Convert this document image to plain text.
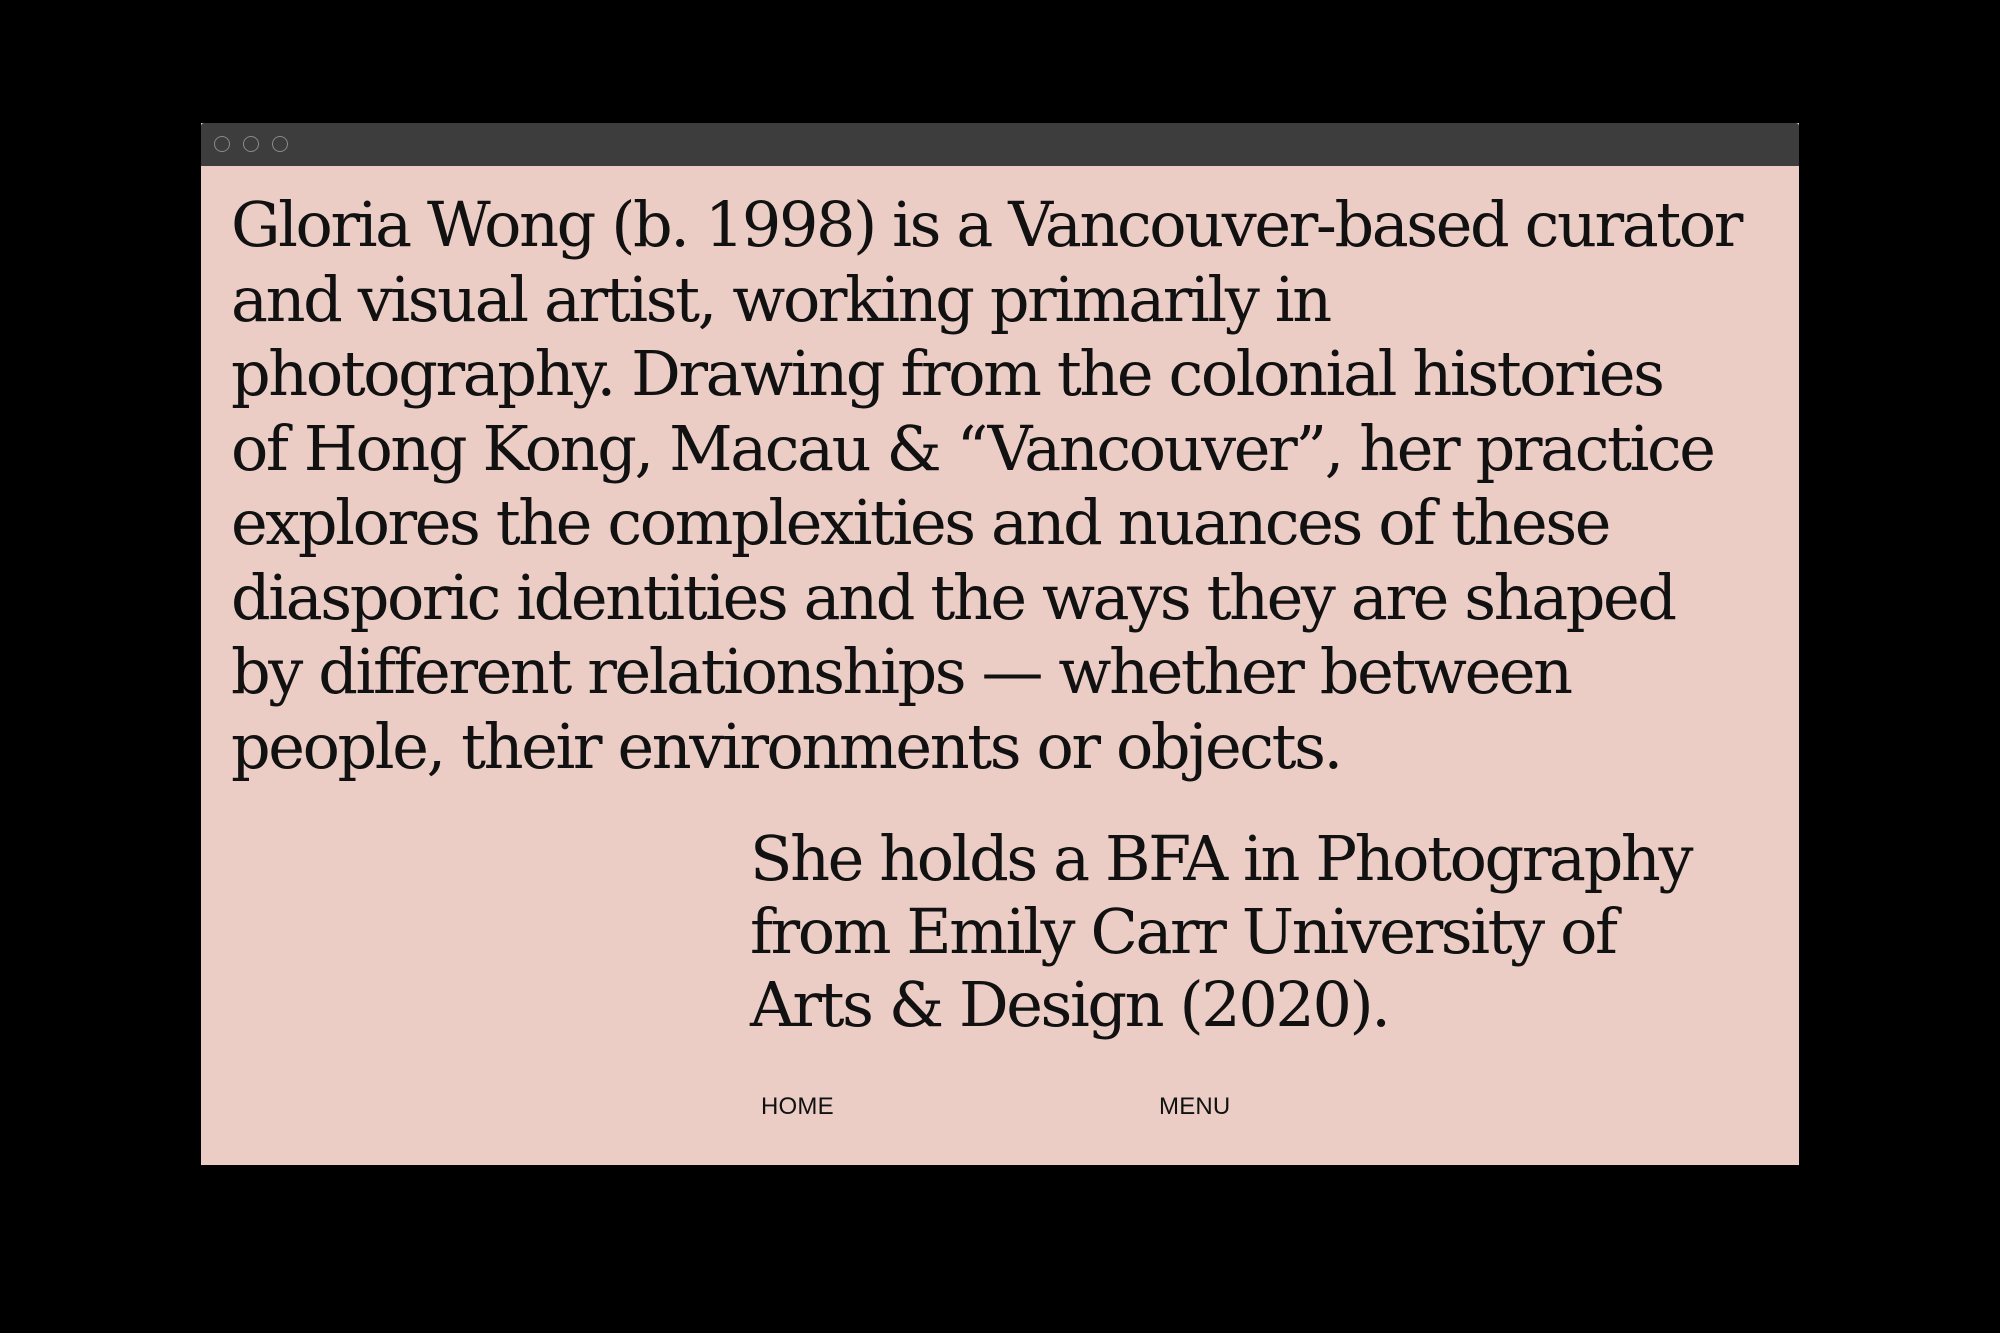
Gloria Wong (b. 1998) is a Vancouver-based curator
and visual artist, working primarily in
photography. Drawing from the colonial histories
of Hong Kong, Macau & “Vancouver”, her practice
explores the complexities and nuances of these
diasporic identities and the ways they are shaped
by different relationships — whether between
people, their environments or objects.

She holds a BFA in Photography
from Emily Carr University of
Arts & Design (2020).

HOME	MENU
